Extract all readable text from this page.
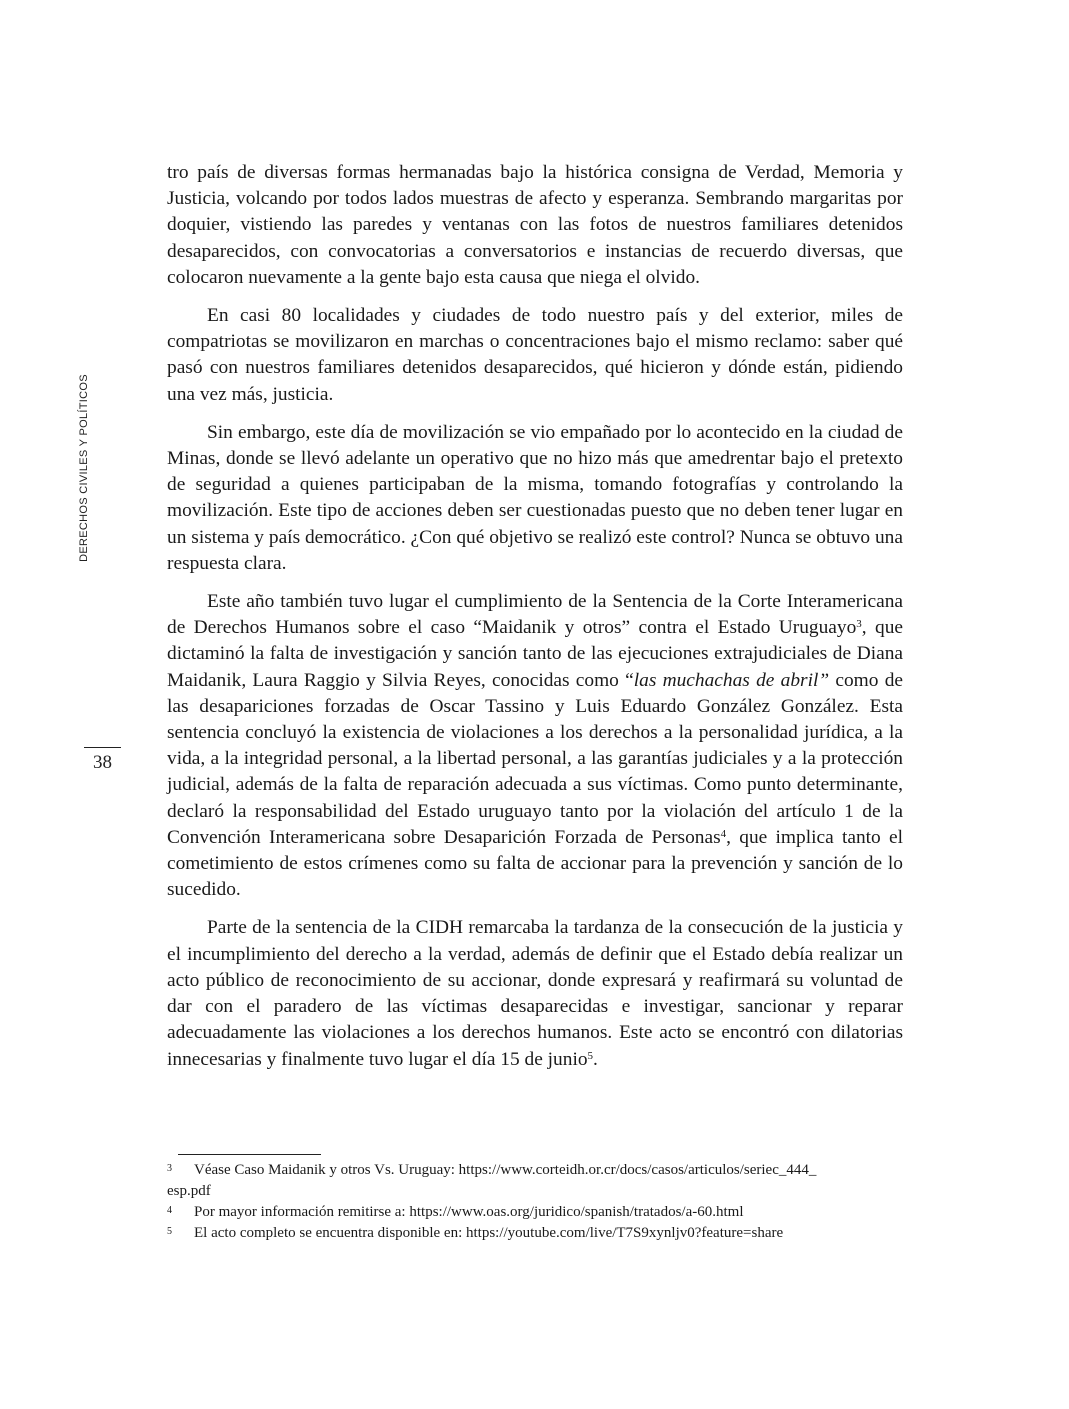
DERECHOS CIVILES Y POLÍTICOS
38

tro país de diversas formas hermanadas bajo la histórica consigna de Verdad, Memoria y Justicia, volcando por todos lados muestras de afecto y esperanza. Sembrando margaritas por doquier, vistiendo las paredes y ventanas con las fotos de nuestros familiares detenidos desaparecidos, con convocatorias a conversatorios e instancias de recuerdo diversas, que colocaron nuevamente a la gente bajo esta causa que niega el olvido.

En casi 80 localidades y ciudades de todo nuestro país y del exterior, miles de compatriotas se movilizaron en marchas o concentraciones bajo el mismo reclamo: saber qué pasó con nuestros familiares detenidos desaparecidos, qué hicieron y dónde están, pidiendo una vez más, justicia.

Sin embargo, este día de movilización se vio empañado por lo acontecido en la ciudad de Minas, donde se llevó adelante un operativo que no hizo más que amedrentar bajo el pretexto de seguridad a quienes participaban de la misma, tomando fotografías y controlando la movilización. Este tipo de acciones deben ser cuestionadas puesto que no deben tener lugar en un sistema y país democrático. ¿Con qué objetivo se realizó este control? Nunca se obtuvo una respuesta clara.

Este año también tuvo lugar el cumplimiento de la Sentencia de la Corte Interamericana de Derechos Humanos sobre el caso “Maidanik y otros” contra el Estado Uruguayo$^3$, que dictaminó la falta de investigación y sanción tanto de las ejecuciones extrajudiciales de Diana Maidanik, Laura Raggio y Silvia Reyes, conocidas como “las muchachas de abril” como de las desapariciones forzadas de Oscar Tassino y Luis Eduardo González González. Esta sentencia concluyó la existencia de violaciones a los derechos a la personalidad jurídica, a la vida, a la integridad personal, a la libertad personal, a las garantías judiciales y a la protección judicial, además de la falta de reparación adecuada a sus víctimas. Como punto determinante, declaró la responsabilidad del Estado uruguayo tanto por la violación del artículo 1 de la Convención Interamericana sobre Desaparición Forzada de Personas$^4$, que implica tanto el cometimiento de estos crímenes como su falta de accionar para la prevención y sanción de lo sucedido.

Parte de la sentencia de la CIDH remarcaba la tardanza de la consecución de la justicia y el incumplimiento del derecho a la verdad, además de definir que el Estado debía realizar un acto público de reconocimiento de su accionar, donde expresará y reafirmará su voluntad de dar con el paradero de las víctimas desaparecidas e investigar, sancionar y reparar adecuadamente las violaciones a los derechos humanos. Este acto se encontró con dilatorias innecesarias y finalmente tuvo lugar el día 15 de junio$^5$.

3	Véase Caso Maidanik y otros Vs. Uruguay: https://www.corteidh.or.cr/docs/casos/articulos/seriec_444_
esp.pdf
4	Por mayor información remitirse a: https://www.oas.org/juridico/spanish/tratados/a-60.html
5	El acto completo se encuentra disponible en: https://youtube.com/live/T7S9xynljv0?feature=share
